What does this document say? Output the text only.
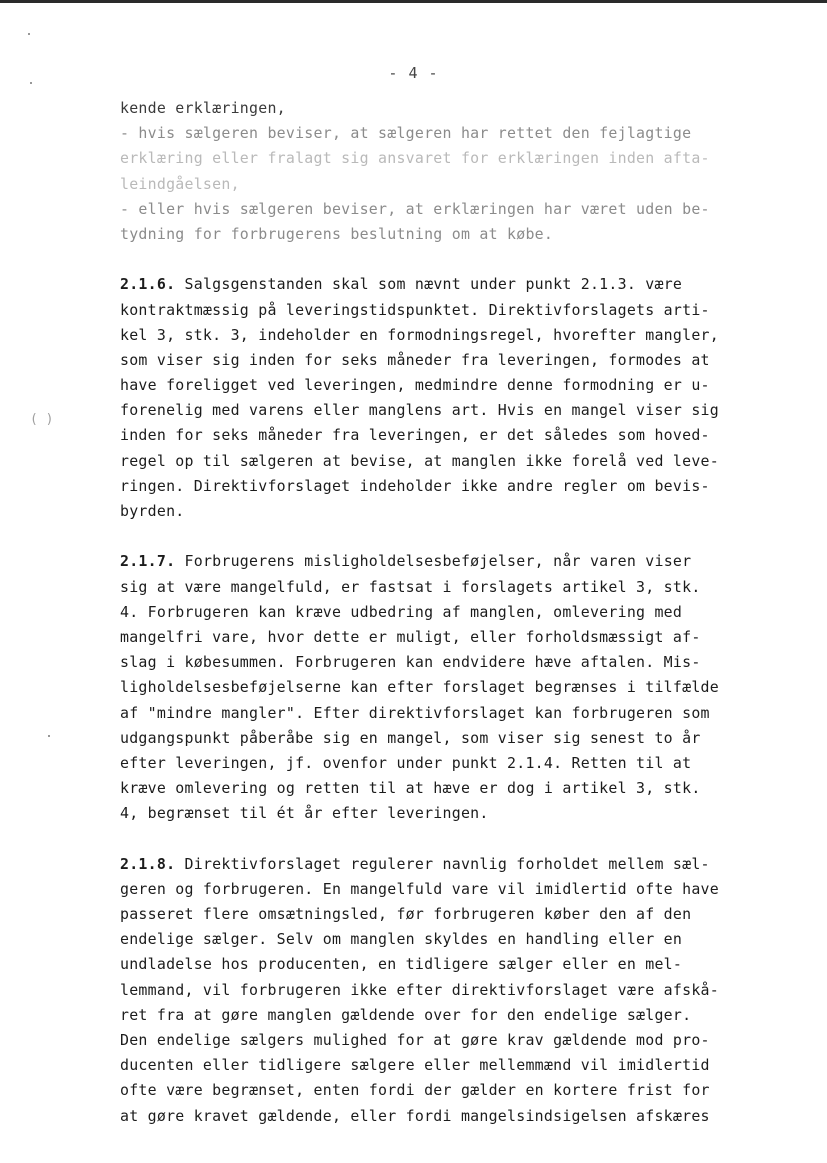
- 4 -
( )
kende erklæringen,
- hvis sælgeren beviser, at sælgeren har rettet den fejlagtige
erklæring eller fralagt sig ansvaret for erklæringen inden afta-
leindgåelsen,
- eller hvis sælgeren beviser, at erklæringen har været uden be-
tydning for forbrugerens beslutning om at købe.
2.1.6. Salgsgenstanden skal som nævnt under punkt 2.1.3. være
kontraktmæssig på leveringstidspunktet. Direktivforslagets arti-
kel 3, stk. 3, indeholder en formodningsregel, hvorefter mangler,
som viser sig inden for seks måneder fra leveringen, formodes at
have foreligget ved leveringen, medmindre denne formodning er u-
forenelig med varens eller manglens art. Hvis en mangel viser sig
inden for seks måneder fra leveringen, er det således som hoved-
regel op til sælgeren at bevise, at manglen ikke forelå ved leve-
ringen. Direktivforslaget indeholder ikke andre regler om bevis-
byrden.
2.1.7. Forbrugerens misligholdelsesbeføjelser, når varen viser
sig at være mangelfuld, er fastsat i forslagets artikel 3, stk.
4. Forbrugeren kan kræve udbedring af manglen, omlevering med
mangelfri vare, hvor dette er muligt, eller forholdsmæssigt af-
slag i købesummen. Forbrugeren kan endvidere hæve aftalen. Mis-
ligholdelsesbeføjelserne kan efter forslaget begrænses i tilfælde
af "mindre mangler". Efter direktivforslaget kan forbrugeren som
udgangspunkt påberåbe sig en mangel, som viser sig senest to år
efter leveringen, jf. ovenfor under punkt 2.1.4. Retten til at
kræve omlevering og retten til at hæve er dog i artikel 3, stk.
4, begrænset til ét år efter leveringen.
2.1.8. Direktivforslaget regulerer navnlig forholdet mellem sæl-
geren og forbrugeren. En mangelfuld vare vil imidlertid ofte have
passeret flere omsætningsled, før forbrugeren køber den af den
endelige sælger. Selv om manglen skyldes en handling eller en
undladelse hos producenten, en tidligere sælger eller en mel-
lemmand, vil forbrugeren ikke efter direktivforslaget være afskå-
ret fra at gøre manglen gældende over for den endelige sælger.
Den endelige sælgers mulighed for at gøre krav gældende mod pro-
ducenten eller tidligere sælgere eller mellemmænd vil imidlertid
ofte være begrænset, enten fordi der gælder en kortere frist for
at gøre kravet gældende, eller fordi mangelsindsigelsen afskæres
